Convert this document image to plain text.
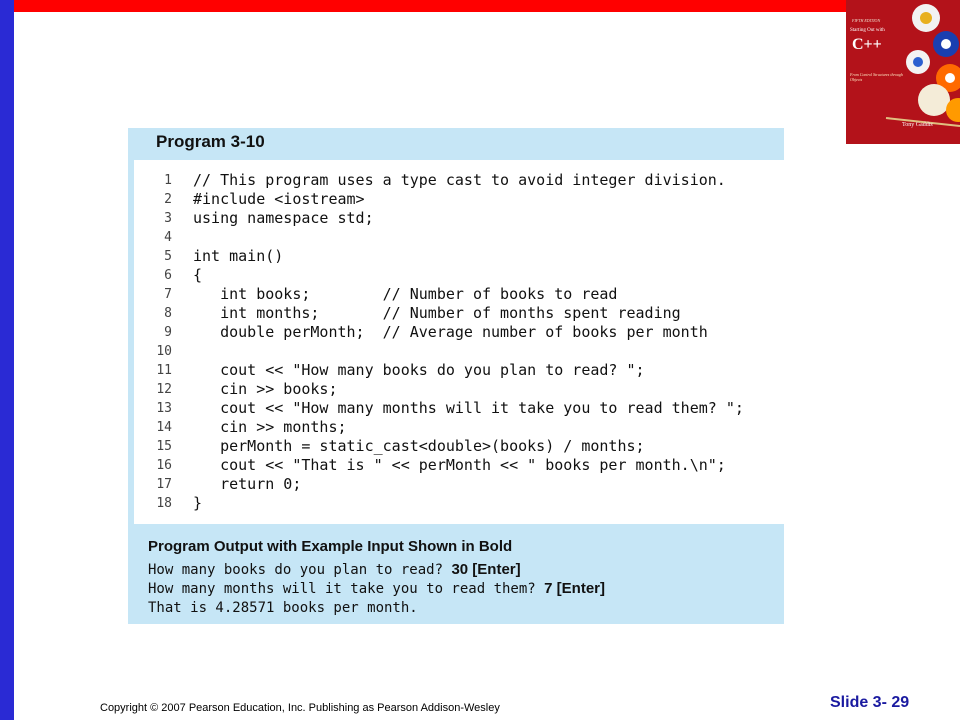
FIFTH EDITION
Starting Out with
C++
From Control Structures through Objects
Tony Gaddis
Program 3-10
1 // This program uses a type cast to avoid integer division.
2 #include <iostream>
3 using namespace std;
4
5 int main()
6 {
7 int books;        // Number of books to read
8 int months;       // Number of months spent reading
9 double perMonth;  // Average number of books per month
10
11 cout << "How many books do you plan to read? ";
12 cin >> books;
13 cout << "How many months will it take you to read them? ";
14 cin >> months;
15 perMonth = static_cast<double>(books) / months;
16 cout << "That is " << perMonth << " books per month.\n";
17 return 0;
18 }
Program Output with Example Input Shown in Bold
How many books do you plan to read? 30 [Enter]
How many months will it take you to read them? 7 [Enter]
That is 4.28571 books per month.
Copyright © 2007 Pearson Education, Inc. Publishing as Pearson Addison-Wesley	Slide 3- 29
